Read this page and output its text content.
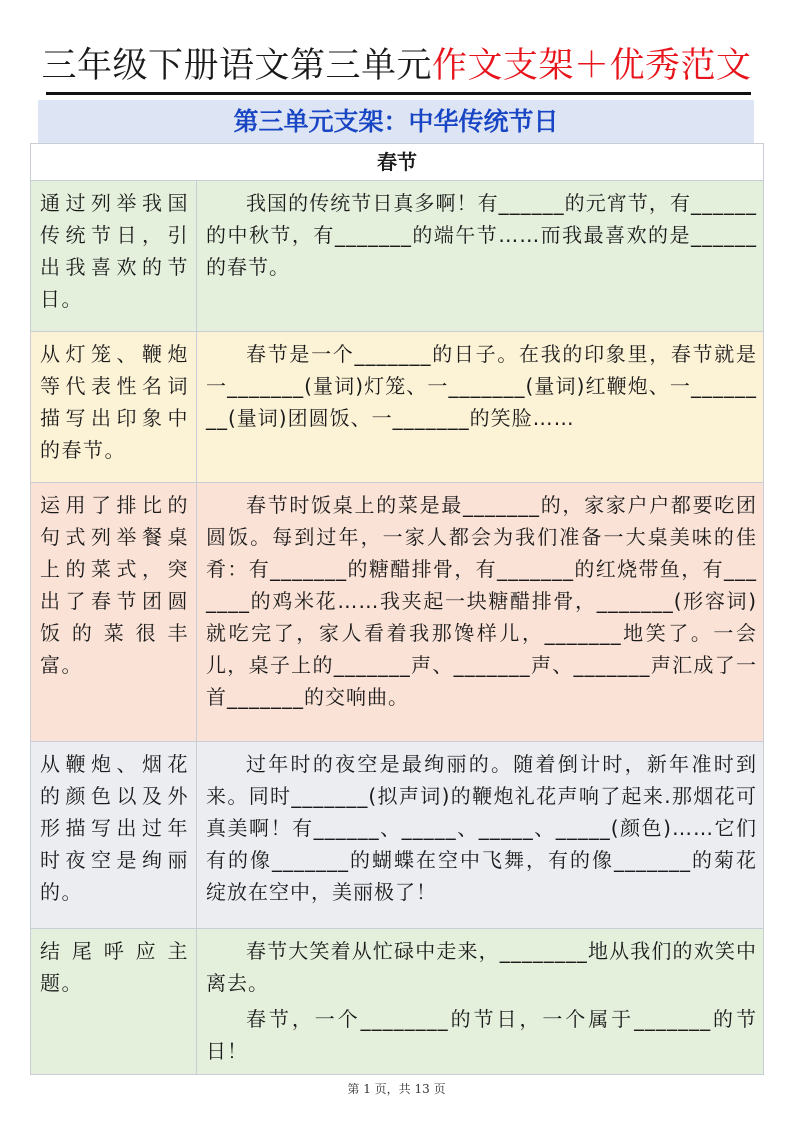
三年级下册语文第三单元作文支架＋优秀范文
第三单元支架：中华传统节日
春节	
通过列举我国传统节日，引出我喜欢的节日。	我国的传统节日真多啊！有______的元宵节，有______的中秋节，有_______的端午节……而我最喜欢的是______的春节。

从灯笼、鞭炮等代表性名词描写出印象中的春节。	春节是一个_______的日子。在我的印象里，春节就是一_______(量词)灯笼、一_______(量词)红鞭炮、一________(量词)团圆饭、一_______的笑脸……

运用了排比的句式列举餐桌上的菜式，突出了春节团圆饭的菜很丰富。	春节时饭桌上的菜是最_______的，家家户户都要吃团圆饭。每到过年，一家人都会为我们准备一大桌美味的佳肴：有_______的糖醋排骨，有_______的红烧带鱼，有_______的鸡米花……我夹起一块糖醋排骨，_______(形容词)就吃完了，家人看着我那馋样儿，_______地笑了。一会儿，桌子上的_______声、_______声、_______声汇成了一首_______的交响曲。

从鞭炮、烟花的颜色以及外形描写出过年时夜空是绚丽的。	过年时的夜空是最绚丽的。随着倒计时，新年准时到来。同时_______(拟声词)的鞭炮礼花声响了起来.那烟花可真美啊！有______、_____、_____、_____(颜色)……它们有的像_______的蝴蝶在空中飞舞，有的像_______的菊花绽放在空中，美丽极了！

结尾呼应主题。	春节大笑着从忙碌中走来，________地从我们的欢笑中离去。

春节，一个________的节日，一个属于_______的节日！

第 1 页，共 13 页
